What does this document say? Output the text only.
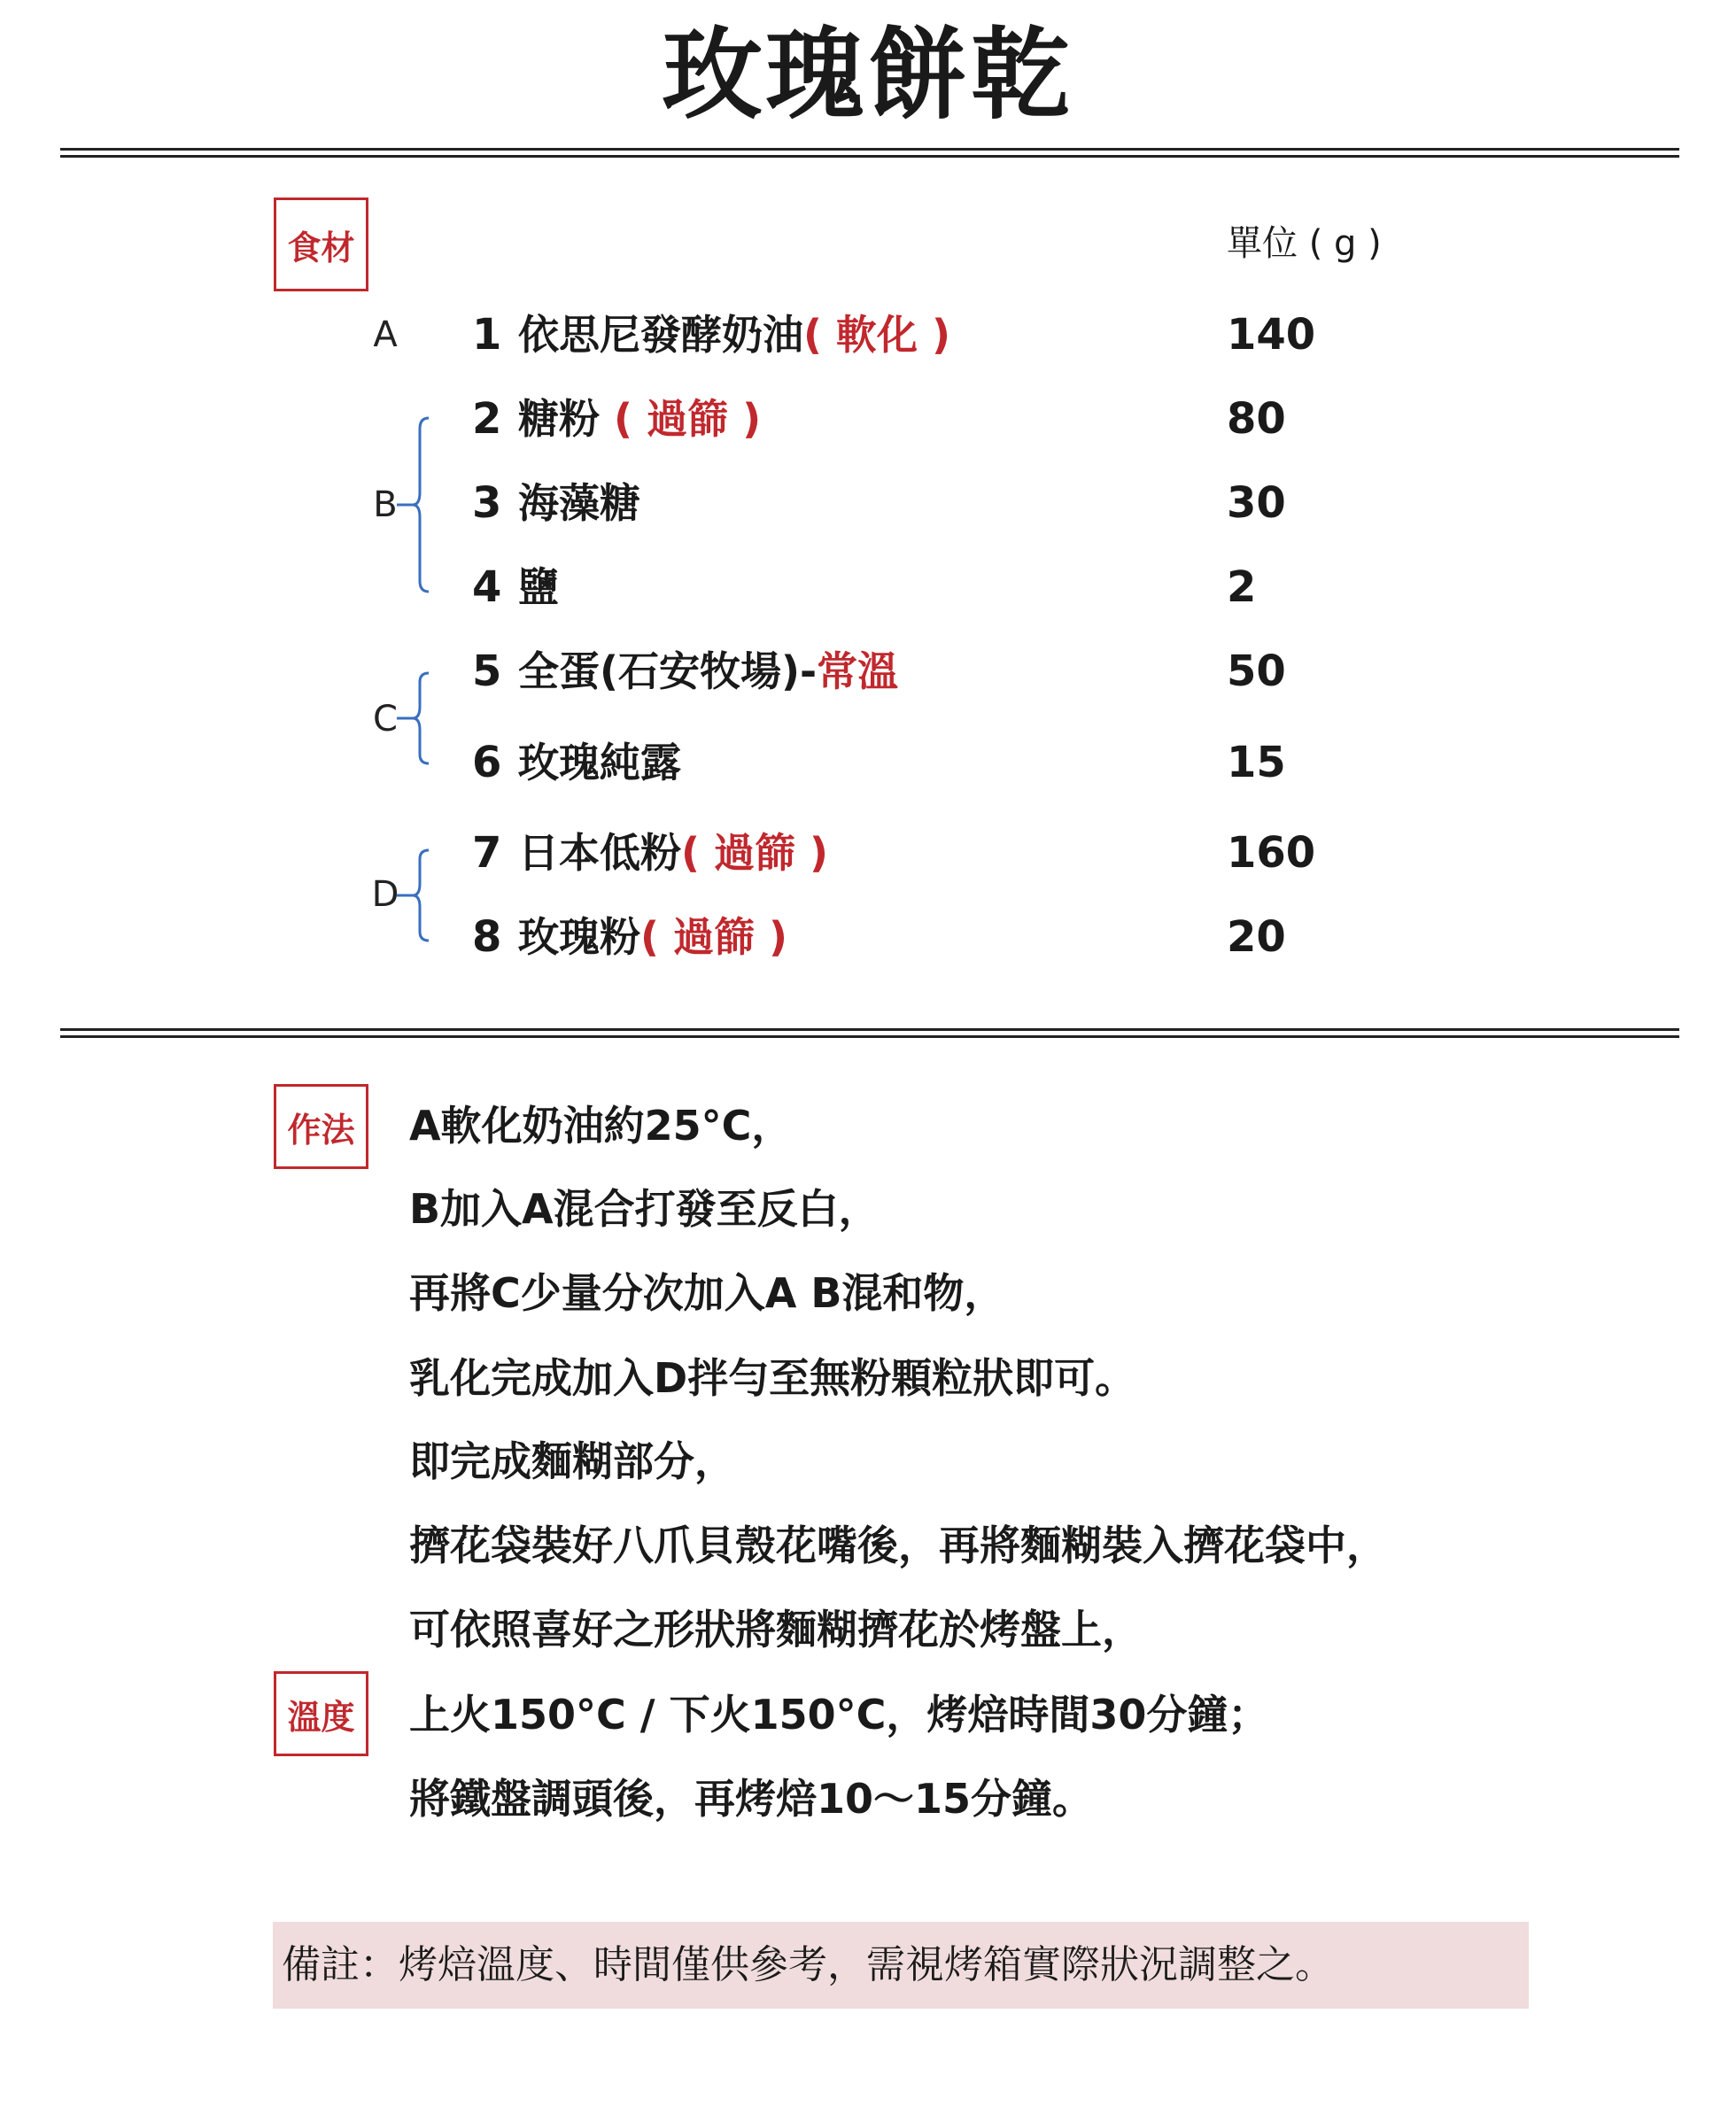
玫瑰餅乾
食材	單位 ( g )
A
B
C
D
1 依思尼發酵奶油( 軟化 )	140
2 糖粉 ( 過篩 )	80
3 海藻糖	30
4 鹽	2
5 全蛋(石安牧場)-常溫	50
6 玫瑰純露	15
7 日本低粉( 過篩 )	160
8 玫瑰粉( 過篩 )	20
作法	A軟化奶油約25°C，
B加入A混合打發至反白，
再將C少量分次加入A B混和物，
乳化完成加入D拌勻至無粉顆粒狀即可。
即完成麵糊部分，
擠花袋裝好八爪貝殼花嘴後，再將麵糊裝入擠花袋中，
可依照喜好之形狀將麵糊擠花於烤盤上，
溫度	上火150°C / 下火150°C，烤焙時間30分鐘；
將鐵盤調頭後，再烤焙10～15分鐘。
備註：烤焙溫度、時間僅供參考，需視烤箱實際狀況調整之。
